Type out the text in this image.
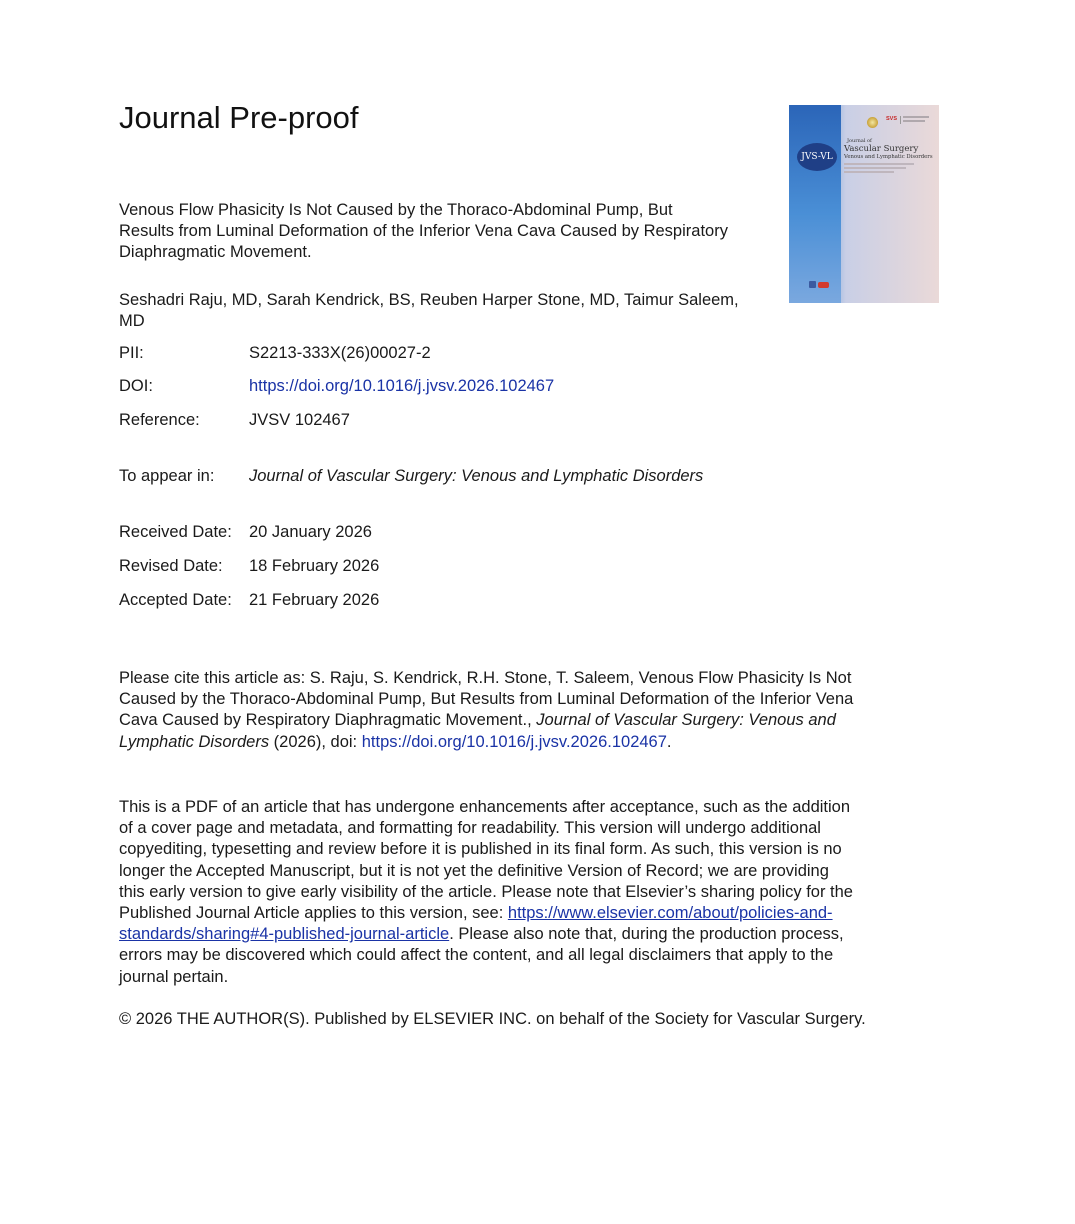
Journal Pre-proof	SVS
JVS-VL
Journal of
Vascular Surgery
Venous and Lymphatic Disorders
Venous Flow Phasicity Is Not Caused by the Thoraco-Abdominal Pump, But
Results from Luminal Deformation of the Inferior Vena Cava Caused by Respiratory
Diaphragmatic Movement.
Seshadri Raju, MD, Sarah Kendrick, BS, Reuben Harper Stone, MD, Taimur Saleem,
MD
PII:	S2213-333X(26)00027-2
DOI:	https://doi.org/10.1016/j.jvsv.2026.102467
Reference:	JVSV 102467
To appear in: Journal of Vascular Surgery: Venous and Lymphatic Disorders
Received Date: 20 January 2026
Revised Date: 18 February 2026
Accepted Date: 21 February 2026
Please cite this article as: S. Raju, S. Kendrick, R.H. Stone, T. Saleem, Venous Flow Phasicity Is Not
Caused by the Thoraco-Abdominal Pump, But Results from Luminal Deformation of the Inferior Vena
Cava Caused by Respiratory Diaphragmatic Movement., Journal of Vascular Surgery: Venous and
Lymphatic Disorders (2026), doi: https://doi.org/10.1016/j.jvsv.2026.102467.
This is a PDF of an article that has undergone enhancements after acceptance, such as the addition
of a cover page and metadata, and formatting for readability. This version will undergo additional
copyediting, typesetting and review before it is published in its final form. As such, this version is no
longer the Accepted Manuscript, but it is not yet the definitive Version of Record; we are providing
this early version to give early visibility of the article. Please note that Elsevier’s sharing policy for the
Published Journal Article applies to this version, see: https://www.elsevier.com/about/policies-and-
standards/sharing#4-published-journal-article. Please also note that, during the production process,
errors may be discovered which could affect the content, and all legal disclaimers that apply to the
journal pertain.
© 2026 THE AUTHOR(S). Published by ELSEVIER INC. on behalf of the Society for Vascular Surgery.
